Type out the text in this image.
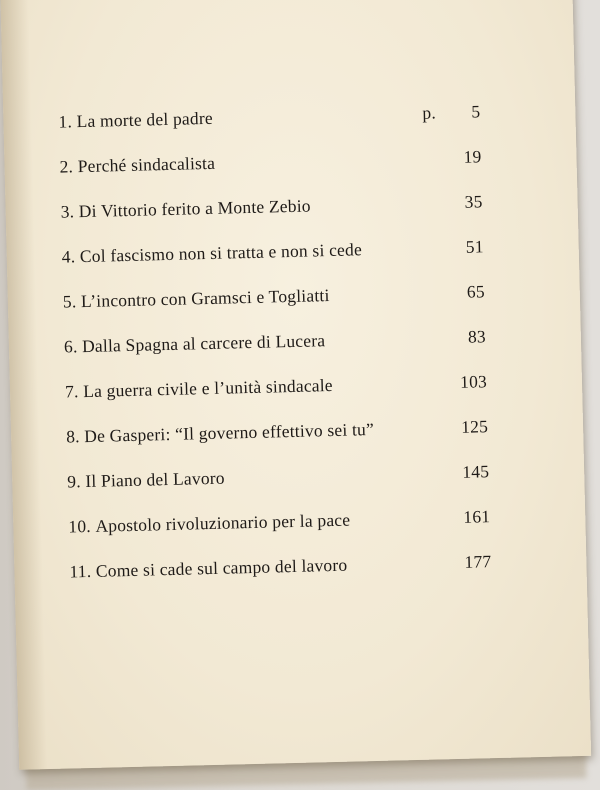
1. La morte del padre	p. 5
2. Perché sindacalista	19
3. Di Vittorio ferito a Monte Zebio	35
4. Col fascismo non si tratta e non si cede	51
5. L’incontro con Gramsci e Togliatti	65
6. Dalla Spagna al carcere di Lucera	83
7. La guerra civile e l’unità sindacale	103
8. De Gasperi: “Il governo effettivo sei tu”	125
9. Il Piano del Lavoro	145
10. Apostolo rivoluzionario per la pace	161
11. Come si cade sul campo del lavoro	177
